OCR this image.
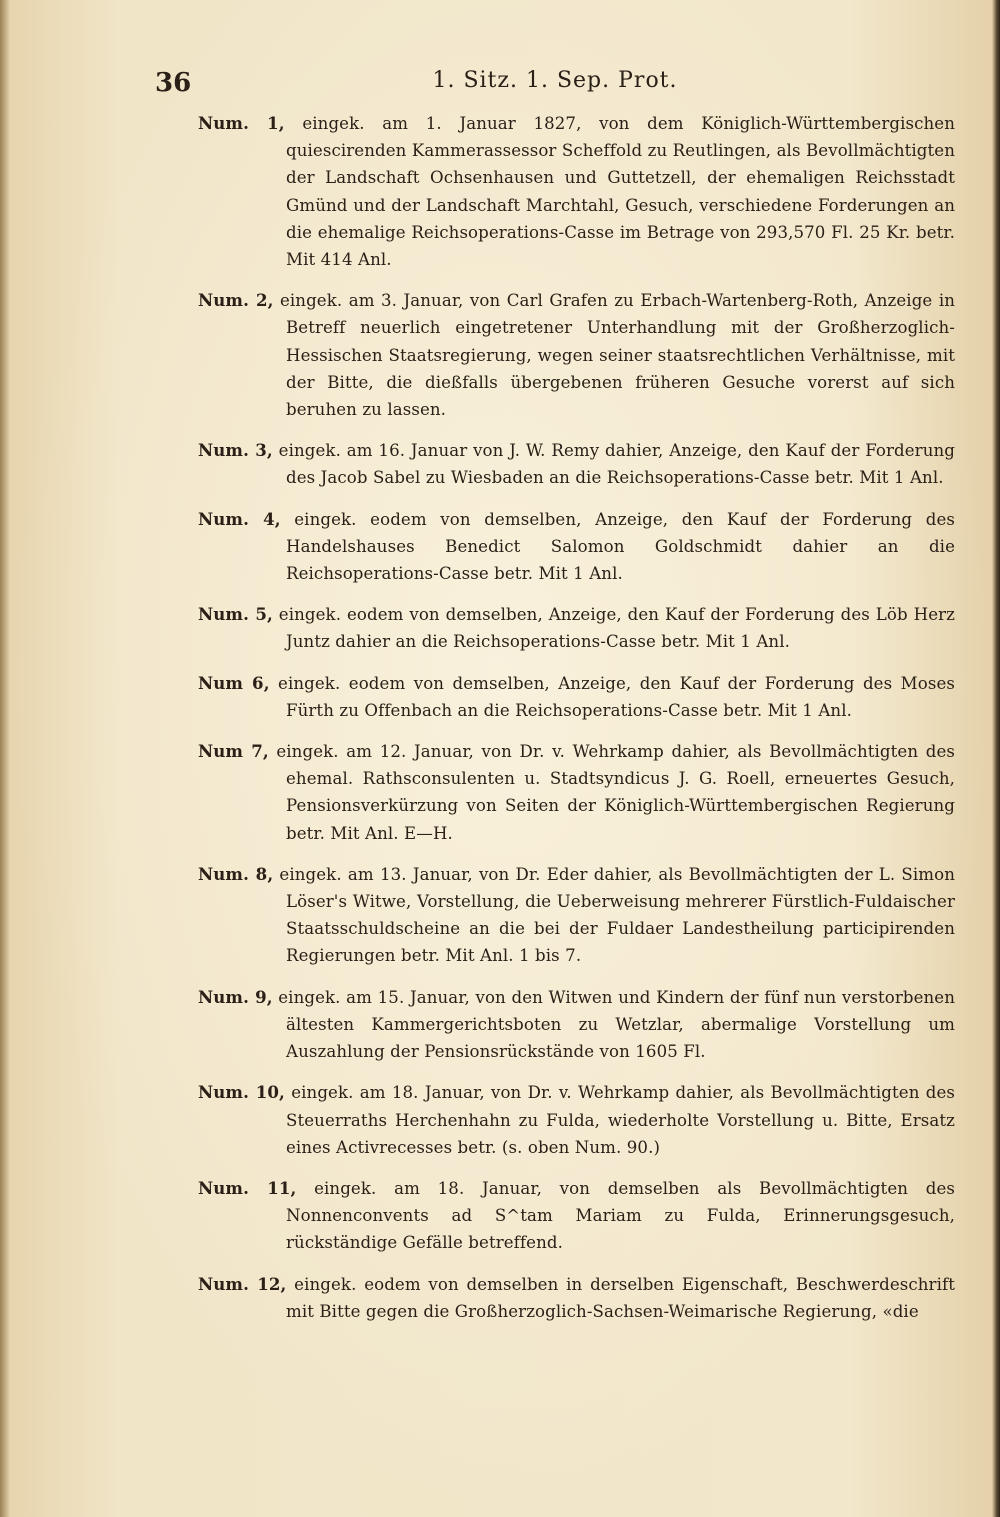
36	1. Sitz. 1. Sep. Prot.

Num. 1, eingek. am 1. Januar 1827, von dem Königlich-Württembergischen quiescirenden Kammerassessor Scheffold zu Reutlingen, als Bevollmächtigten der Landschaft Ochsenhausen und Guttetzell, der ehemaligen Reichsstadt Gmünd und der Landschaft Marchtahl, Gesuch, verschiedene Forderungen an die ehemalige Reichsoperations-Casse im Betrage von 293,570 Fl. 25 Kr. betr. Mit 414 Anl.

Num. 2, eingek. am 3. Januar, von Carl Grafen zu Erbach-Wartenberg-Roth, Anzeige in Betreff neuerlich eingetretener Unterhandlung mit der Großherzoglich-Hessischen Staatsregierung, wegen seiner staatsrechtlichen Verhältnisse, mit der Bitte, die dießfalls übergebenen früheren Gesuche vorerst auf sich beruhen zu lassen.

Num. 3, eingek. am 16. Januar von J. W. Remy dahier, Anzeige, den Kauf der Forderung des Jacob Sabel zu Wiesbaden an die Reichsoperations-Casse betr. Mit 1 Anl.

Num. 4, eingek. eodem von demselben, Anzeige, den Kauf der Forderung des Handelshauses Benedict Salomon Goldschmidt dahier an die Reichsoperations-Casse betr. Mit 1 Anl.

Num. 5, eingek. eodem von demselben, Anzeige, den Kauf der Forderung des Löb Herz Juntz dahier an die Reichsoperations-Casse betr. Mit 1 Anl.

Num 6, eingek. eodem von demselben, Anzeige, den Kauf der Forderung des Moses Fürth zu Offenbach an die Reichsoperations-Casse betr. Mit 1 Anl.

Num 7, eingek. am 12. Januar, von Dr. v. Wehrkamp dahier, als Bevollmächtigten des ehemal. Rathsconsulenten u. Stadtsyndicus J. G. Roell, erneuertes Gesuch, Pensionsverkürzung von Seiten der Königlich-Württembergischen Regierung betr. Mit Anl. E—H.

Num. 8, eingek. am 13. Januar, von Dr. Eder dahier, als Bevollmächtigten der L. Simon Löser's Witwe, Vorstellung, die Ueberweisung mehrerer Fürstlich-Fuldaischer Staatsschuldscheine an die bei der Fuldaer Landestheilung participirenden Regierungen betr. Mit Anl. 1 bis 7.

Num. 9, eingek. am 15. Januar, von den Witwen und Kindern der fünf nun verstorbenen ältesten Kammergerichtsboten zu Wetzlar, abermalige Vorstellung um Auszahlung der Pensionsrückstände von 1605 Fl.

Num. 10, eingek. am 18. Januar, von Dr. v. Wehrkamp dahier, als Bevollmächtigten des Steuerraths Herchenhahn zu Fulda, wiederholte Vorstellung u. Bitte, Ersatz eines Activrecesses betr. (s. oben Num. 90.)

Num. 11, eingek. am 18. Januar, von demselben als Bevollmächtigten des Nonnenconvents ad S^tam Mariam zu Fulda, Erinnerungsgesuch, rückständige Gefälle betreffend.

Num. 12, eingek. eodem von demselben in derselben Eigenschaft, Beschwerdeschrift mit Bitte gegen die Großherzoglich-Sachsen-Weimarische Regierung, «die
